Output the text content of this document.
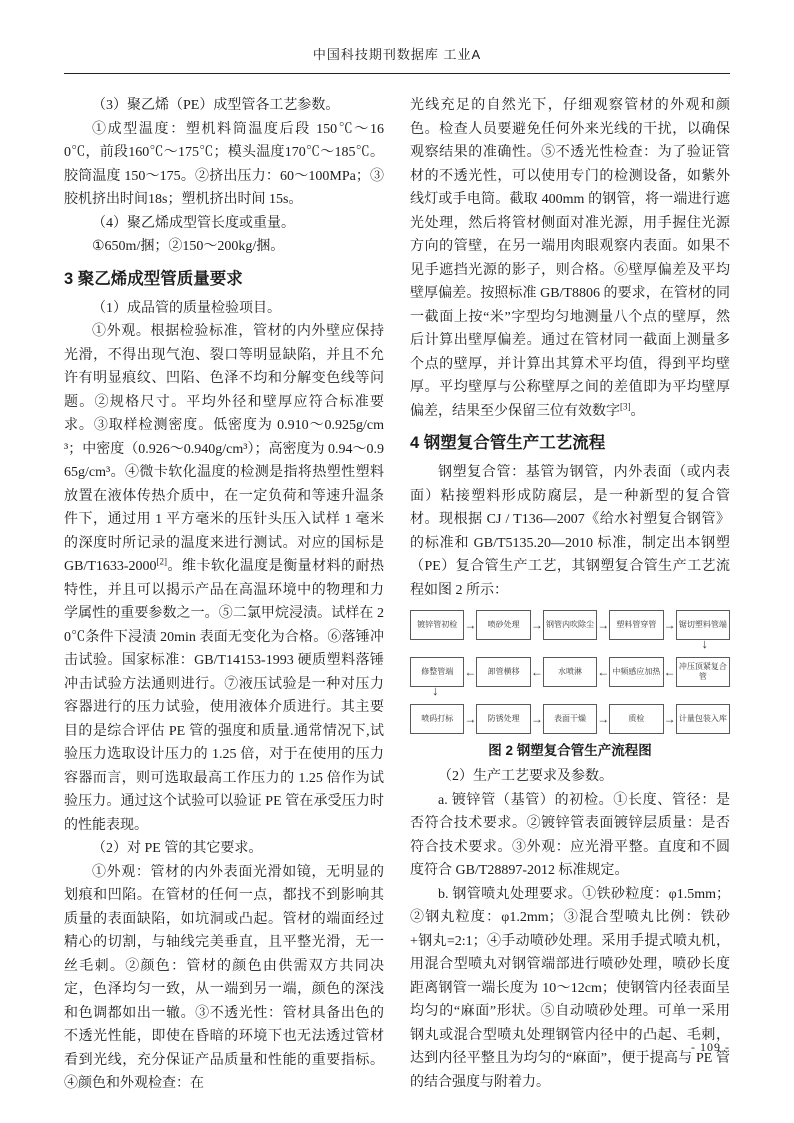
中国科技期刊数据库 工业A

（3）聚乙烯（PE）成型管各工艺参数。

①成型温度：塑机料筒温度后段 150℃～160℃，前段160℃～175℃；模头温度170℃～185℃。胶筒温度 150～175。②挤出压力：60～100MPa；③胶机挤出时间18s；塑机挤出时间 15s。

（4）聚乙烯成型管长度或重量。

①650m/捆；②150～200kg/捆。

3 聚乙烯成型管质量要求

（1）成品管的质量检验项目。

①外观。根据检验标准，管材的内外壁应保持光滑，不得出现气泡、裂口等明显缺陷，并且不允许有明显痕纹、凹陷、色泽不均和分解变色线等问题。②规格尺寸。平均外径和壁厚应符合标准要求。③取样检测密度。低密度为 0.910～0.925g/cm³；中密度（0.926～0.940g/cm³）；高密度为 0.94～0.965g/cm³。④微卡软化温度的检测是指将热塑性塑料放置在液体传热介质中，在一定负荷和等速升温条件下，通过用 1 平方毫米的压针头压入试样 1 毫米的深度时所记录的温度来进行测试。对应的国标是 GB/T1633-2000[2]。维卡软化温度是衡量材料的耐热特性，并且可以揭示产品在高温环境中的物理和力学属性的重要参数之一。⑤二氯甲烷浸渍。试样在 20℃条件下浸渍 20min 表面无变化为合格。⑥落锤冲击试验。国家标准：GB/T14153-1993 硬质塑料落锤冲击试验方法通则进行。⑦液压试验是一种对压力容器进行的压力试验，使用液体介质进行。其主要目的是综合评估 PE 管的强度和质量.通常情况下,试验压力选取设计压力的 1.25 倍，对于在使用的压力容器而言，则可选取最高工作压力的 1.25 倍作为试验压力。通过这个试验可以验证 PE 管在承受压力时的性能表现。

（2）对 PE 管的其它要求。

①外观：管材的内外表面光滑如镜，无明显的划痕和凹陷。在管材的任何一点，都找不到影响其质量的表面缺陷，如坑洞或凸起。管材的端面经过精心的切割，与轴线完美垂直，且平整光滑，无一丝毛刺。②颜色：管材的颜色由供需双方共同决定，色泽均匀一致，从一端到另一端，颜色的深浅和色调都如出一辙。③不透光性：管材具备出色的不透光性能，即使在昏暗的环境下也无法透过管材看到光线，充分保证产品质量和性能的重要指标。④颜色和外观检查：在

光线充足的自然光下，仔细观察管材的外观和颜色。检查人员要避免任何外来光线的干扰，以确保观察结果的准确性。⑤不透光性检查：为了验证管材的不透光性，可以使用专门的检测设备，如紫外线灯或手电筒。截取 400mm 的钢管，将一端进行遮光处理，然后将管材侧面对准光源，用手握住光源方向的管壁，在另一端用肉眼观察内表面。如果不见手遮挡光源的影子，则合格。⑥壁厚偏差及平均壁厚偏差。按照标准 GB/T8806 的要求，在管材的同一截面上按“米”字型均匀地测量八个点的壁厚，然后计算出壁厚偏差。通过在管材同一截面上测量多个点的壁厚，并计算出其算术平均值，得到平均壁厚。平均壁厚与公称壁厚之间的差值即为平均壁厚偏差，结果至少保留三位有效数字[3]。

4 钢塑复合管生产工艺流程

钢塑复合管：基管为钢管，内外表面（或内表面）粘接塑料形成防腐层，是一种新型的复合管材。现根据 CJ / T136—2007《给水衬塑复合钢管》的标准和 GB/T5135.20—2010 标准，制定出本钢塑（PE）复合管生产工艺，其钢塑复合管生产工艺流程如图 2 所示：

镀锌管初检 →	喷砂处理 → 钢管内吹除尘 → 塑料管穿管 → 锯切塑料管端
↓
修整管端 ←	卸管横移 ←	水喷淋	← 中频感应加热 ← 冲压顶紧复合管
↓
喷码打标 →	防锈处理 →	表面干燥 →	质检	→ 计量包装入库
图 2 钢塑复合管生产流程图

（2）生产工艺要求及参数。

a. 镀锌管（基管）的初检。①长度、管径：是否符合技术要求。②镀锌管表面镀锌层质量：是否符合技术要求。③外观：应光滑平整。直度和不圆度符合 GB/T28897-2012 标准规定。

b. 钢管喷丸处理要求。①铁砂粒度：φ1.5mm；②钢丸粒度：φ1.2mm；③混合型喷丸比例：铁砂+钢丸=2:1；④手动喷砂处理。采用手提式喷丸机，用混合型喷丸对钢管端部进行喷砂处理，喷砂长度距离钢管一端长度为 10～12cm；使钢管内径表面呈均匀的“麻面”形状。⑤自动喷砂处理。可单一采用钢丸或混合型喷丸处理钢管内径中的凸起、毛刺，达到内径平整且为均匀的“麻面”，便于提高与 PE 管的结合强度与附着力。

- 109 -
